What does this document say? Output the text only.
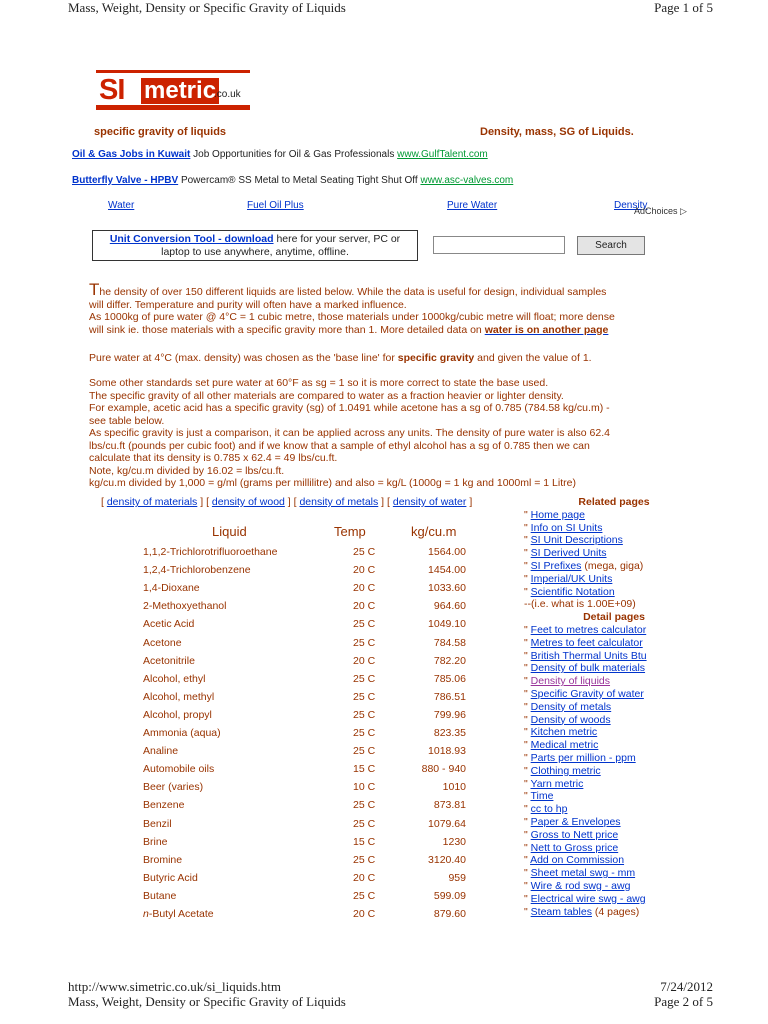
Mass, Weight, Density or Specific Gravity of Liquids	Page 1 of 5
SI metric
.co.uk
specific gravity of liquids	Density, mass, SG of Liquids.
Oil & Gas Jobs in Kuwait Job Opportunities for Oil & Gas Professionals www.GulfTalent.com
Butterfly Valve - HPBV Powercam® SS Metal to Metal Seating Tight Shut Off www.asc-valves.com
Water	Fuel Oil Plus	Pure Water	Density
AdChoices ▷
Unit Conversion Tool - download here for your server, PC or
laptop to use anywhere, anytime, offline.
Search
The density of over 150 different liquids are listed below. While the data is useful for design, individual samples
will differ. Temperature and purity will often have a marked influence.
As 1000kg of pure water @ 4°C = 1 cubic metre, those materials under 1000kg/cubic metre will float; more dense
will sink ie. those materials with a specific gravity more than 1. More detailed data on water is on another page
Pure water at 4°C (max. density) was chosen as the 'base line' for specific gravity and given the value of 1.
Some other standards set pure water at 60°F as sg = 1 so it is more correct to state the base used.
The specific gravity of all other materials are compared to water as a fraction heavier or lighter density.
For example, acetic acid has a specific gravity (sg) of 1.0491 while acetone has a sg of 0.785 (784.58 kg/cu.m) -
see table below.
As specific gravity is just a comparison, it can be applied across any units. The density of pure water is also 62.4
lbs/cu.ft (pounds per cubic foot) and if we know that a sample of ethyl alcohol has a sg of 0.785 then we can
calculate that its density is 0.785 x 62.4 = 49 lbs/cu.ft.
Note, kg/cu.m divided by 16.02 = lbs/cu.ft.
kg/cu.m divided by 1,000 = g/ml (grams per millilitre) and also = kg/L (1000g = 1 kg and 1000ml = 1 Litre)
[ density of materials ] [ density of wood ] [ density of metals ] [ density of water ]
Liquid	Temp	kg/cu.m
1,1,2-Trichlorotrifluoroethane	25 C	1564.00
1,2,4-Trichlorobenzene	20 C	1454.00
1,4-Dioxane	20 C	1033.60
2-Methoxyethanol	20 C	964.60
Acetic Acid	25 C	1049.10
Acetone	25 C	784.58
Acetonitrile	20 C	782.20
Alcohol, ethyl	25 C	785.06
Alcohol, methyl	25 C	786.51
Alcohol, propyl	25 C	799.96
Ammonia (aqua)	25 C	823.35
Analine	25 C	1018.93
Automobile oils	15 C	880 - 940
Beer (varies)	10 C	1010
Benzene	25 C	873.81
Benzil	25 C	1079.64
Brine	15 C	1230
Bromine	25 C	3120.40
Butyric Acid	20 C	959
Butane	25 C	599.09
n-Butyl Acetate	20 C	879.60
Related pages
" Home page
" Info on SI Units
" SI Unit Descriptions
" SI Derived Units
" SI Prefixes (mega, giga)
" Imperial/UK Units
" Scientific Notation
--(i.e. what is 1.00E+09)
Detail pages
" Feet to metres calculator
" Metres to feet calculator
" British Thermal Units Btu
" Density of bulk materials
" Density of liquids
" Specific Gravity of water
" Density of metals
" Density of woods
" Kitchen metric
" Medical metric
" Parts per million - ppm
" Clothing metric
" Yarn metric
" Time
" cc to hp
" Paper & Envelopes
" Gross to Nett price
" Nett to Gross price
" Add on Commission
" Sheet metal swg - mm
" Wire & rod swg - awg
" Electrical wire swg - awg
" Steam tables (4 pages)
http://www.simetric.co.uk/si_liquids.htm	7/24/2012
Mass, Weight, Density or Specific Gravity of Liquids	Page 2 of 5
